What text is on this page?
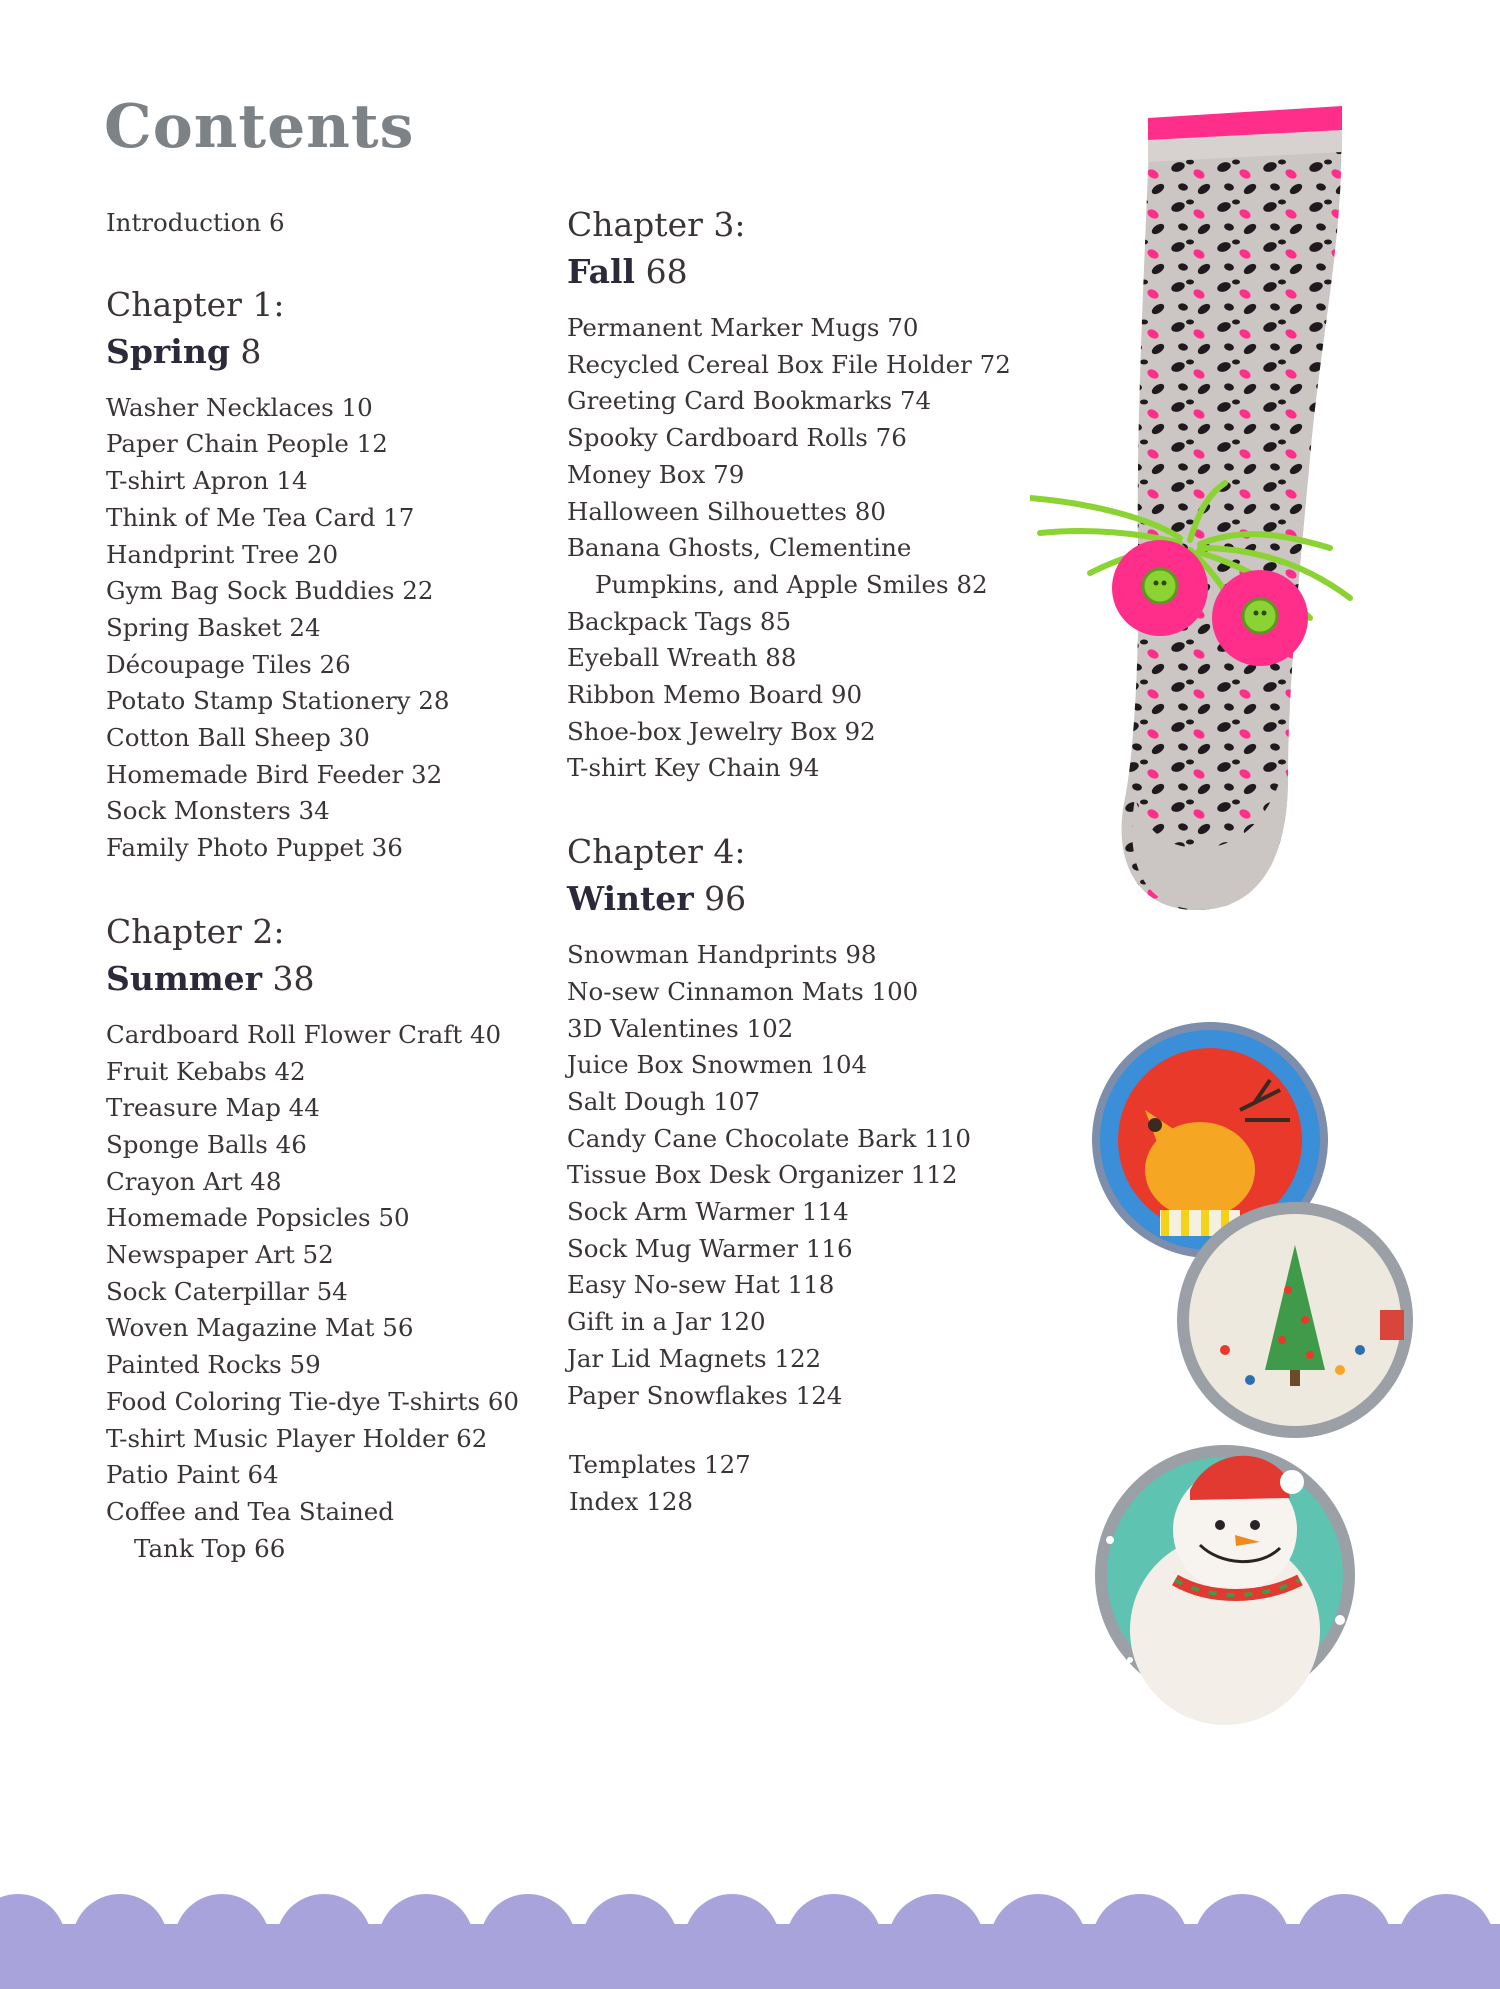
Contents
Introduction 6
Chapter 1:
Spring 8
Washer Necklaces 10
Paper Chain People 12
T-shirt Apron 14
Think of Me Tea Card 17
Handprint Tree 20
Gym Bag Sock Buddies 22
Spring Basket 24
Découpage Tiles 26
Potato Stamp Stationery 28
Cotton Ball Sheep 30
Homemade Bird Feeder 32
Sock Monsters 34
Family Photo Puppet 36
Chapter 2:
Summer 38
Cardboard Roll Flower Craft 40
Fruit Kebabs 42
Treasure Map 44
Sponge Balls 46
Crayon Art 48
Homemade Popsicles 50
Newspaper Art 52
Sock Caterpillar 54
Woven Magazine Mat 56
Painted Rocks 59
Food Coloring Tie-dye T-shirts 60
T-shirt Music Player Holder 62
Patio Paint 64
Coffee and Tea Stained
Tank Top 66
Chapter 3:
Fall 68
Permanent Marker Mugs 70
Recycled Cereal Box File Holder 72
Greeting Card Bookmarks 74
Spooky Cardboard Rolls 76
Money Box 79
Halloween Silhouettes 80
Banana Ghosts, Clementine
Pumpkins, and Apple Smiles 82
Backpack Tags 85
Eyeball Wreath 88
Ribbon Memo Board 90
Shoe-box Jewelry Box 92
T-shirt Key Chain 94
Chapter 4:
Winter 96
Snowman Handprints 98
No-sew Cinnamon Mats 100
3D Valentines 102
Juice Box Snowmen 104
Salt Dough 107
Candy Cane Chocolate Bark 110
Tissue Box Desk Organizer 112
Sock Arm Warmer 114
Sock Mug Warmer 116
Easy No-sew Hat 118
Gift in a Jar 120
Jar Lid Magnets 122
Paper Snowflakes 124
Templates 127
Index 128
